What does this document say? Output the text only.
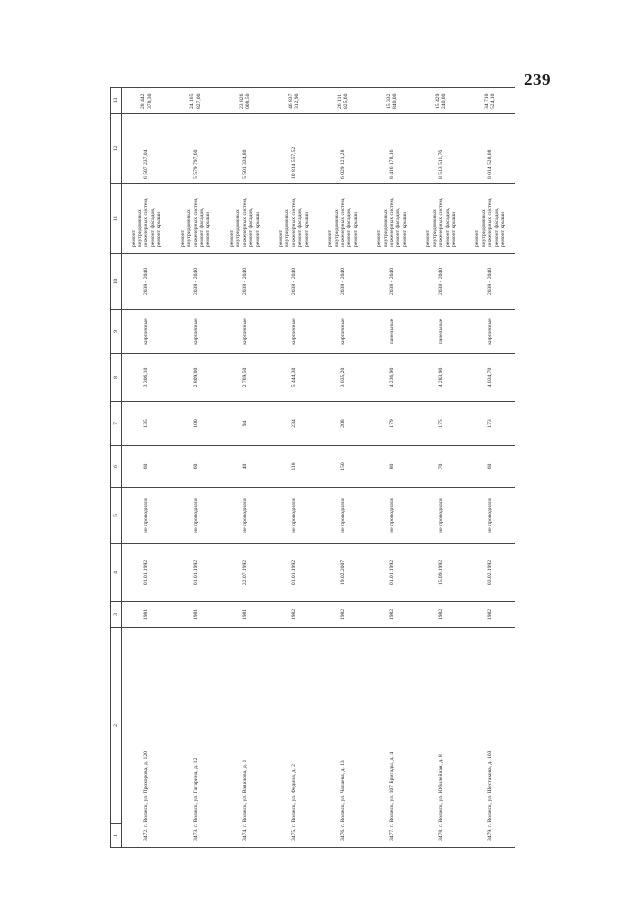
239
1	2	3	4	5	6	7	8	9	10	11	12	13
3472. г. Волжск, ул. Прохорова, д. 120		1981	01.01.1992	не проводился	60	135	3 306,10	кирпичные	2038 - 2040	ремонт внутридомовых инженерных систем, ремонт фасадов, ремонт крыши	6 507 237,04	28 442 378,30
3473. г. Волжск, ул. Гагарина, д. 12		1981	01.01.1992	не проводился	60	100	2 809,00	кирпичные	2038 - 2040	ремонт внутридомовых инженерных систем, ремонт фасадов, ремонт крыши	5 579 797,60	24 165 827,00
3474. г. Волжск, ул. Вавилова, д. 1		1981	22.07.1992	не проводился	40	94	2 769,50	кирпичные	2038 - 2040	ремонт внутридомовых инженерных систем, ремонт фасадов, ремонт крыши	5 501 334,80	23 826 008,50
3475. г. Волжск, ул. Федина, д. 2		1982	01.01.1992	не проводился	118	234	5 444,30	кирпичные	2038 - 2040	ремонт внутридомовых инженерных систем, ремонт фасадов, ремонт крыши	10 814 557,52	46 837 312,90
3476. г. Волжск, ул. Чапаева, д. 13		1982	19.02.2007	не проводился	150	208	3 035,20	кирпичные	2038 - 2040	ремонт внутридомовых инженерных систем, ремонт фасадов, ремонт крыши	6 029 121,28	26 111 825,60
3477. г. Волжск, ул. 107 Бригады, д. 4		1982	01.01.1992	не проводился	80	179	4 236,90	панельные	2038 - 2040	ремонт внутридомовых инженерных систем, ремонт фасадов, ремонт крыши	8 416 178,16	15 332 840,00
3478. г. Волжск, ул. Юбилейная, д. 8		1982	15.09.1992	не проводился	70	175	4 283,90	панельные	2038 - 2040	ремонт внутридомовых инженерных систем, ремонт фасадов, ремонт крыши	8 513 511,76	15 429 240,00
3479. г. Волжск, ул. Шестакова, д. 103		1982	03.02.1992	не проводился	60	173	4 034,70	кирпичные	2038 - 2040	ремонт внутридомовых инженерных систем, ремонт фасадов, ремонт крыши	8 014 528,08	34 710 524,10
